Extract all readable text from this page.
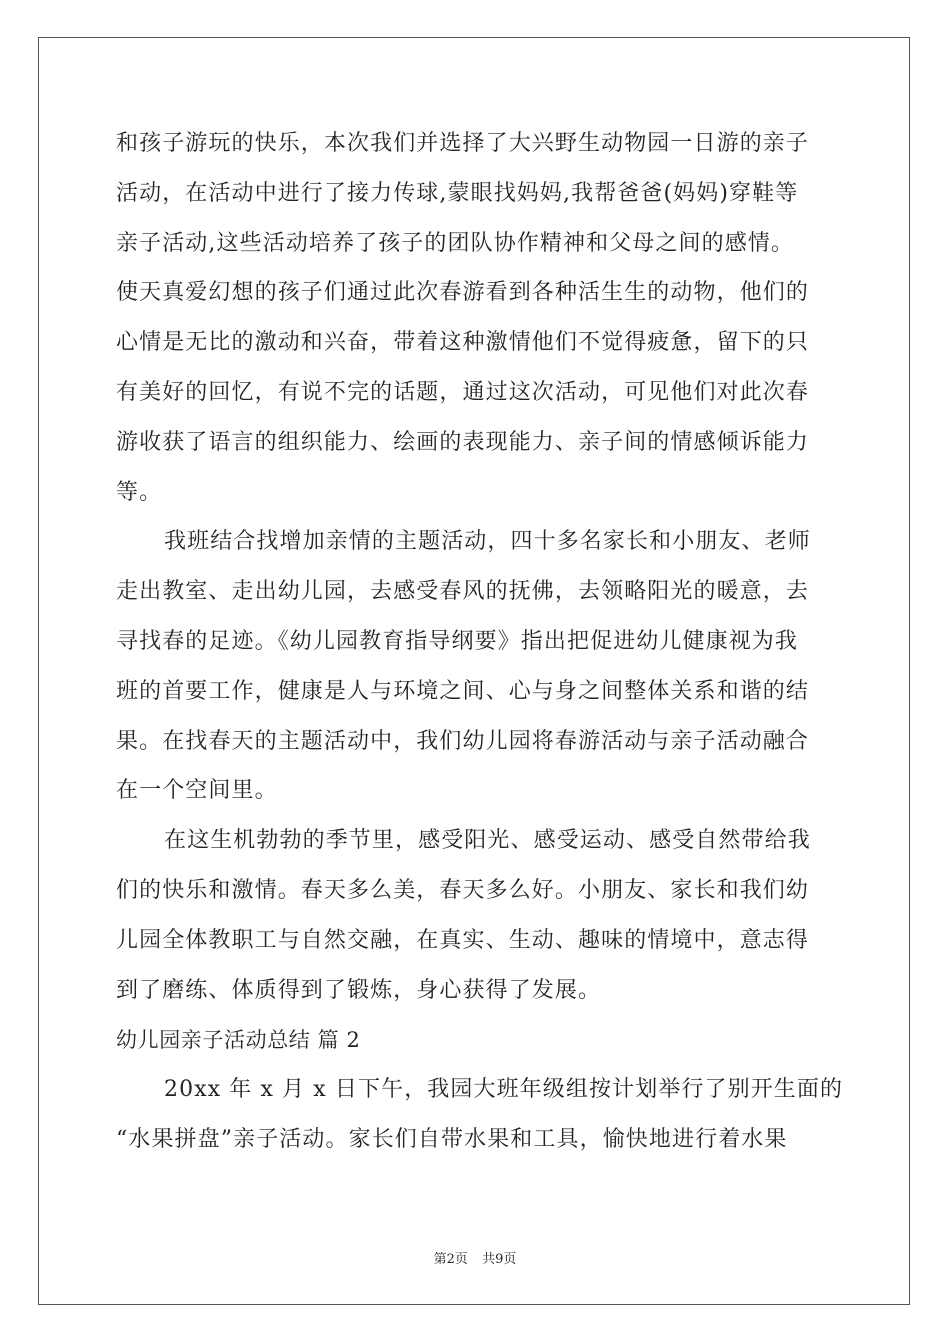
和孩子游玩的快乐，本次我们并选择了大兴野生动物园一日游的亲子
活动，在活动中进行了接力传球,蒙眼找妈妈,我帮爸爸(妈妈)穿鞋等
亲子活动,这些活动培养了孩子的团队协作精神和父母之间的感情。
使天真爱幻想的孩子们通过此次春游看到各种活生生的动物，他们的
心情是无比的激动和兴奋，带着这种激情他们不觉得疲惫，留下的只
有美好的回忆，有说不完的话题，通过这次活动，可见他们对此次春
游收获了语言的组织能力、绘画的表现能力、亲子间的情感倾诉能力
等。
我班结合找增加亲情的主题活动，四十多名家长和小朋友、老师
走出教室、走出幼儿园，去感受春风的抚佛，去领略阳光的暖意，去
寻找春的足迹。《幼儿园教育指导纲要》指出把促进幼儿健康视为我
班的首要工作，健康是人与环境之间、心与身之间整体关系和谐的结
果。在找春天的主题活动中，我们幼儿园将春游活动与亲子活动融合
在一个空间里。
在这生机勃勃的季节里，感受阳光、感受运动、感受自然带给我
们的快乐和激情。春天多么美，春天多么好。小朋友、家长和我们幼
儿园全体教职工与自然交融，在真实、生动、趣味的情境中，意志得
到了磨练、体质得到了锻炼，身心获得了发展。
幼儿园亲子活动总结 篇 2
20xx 年 x 月 x 日下午，我园大班年级组按计划举行了别开生面的
“水果拼盘”亲子活动。家长们自带水果和工具，愉快地进行着水果
第2页 共9页
